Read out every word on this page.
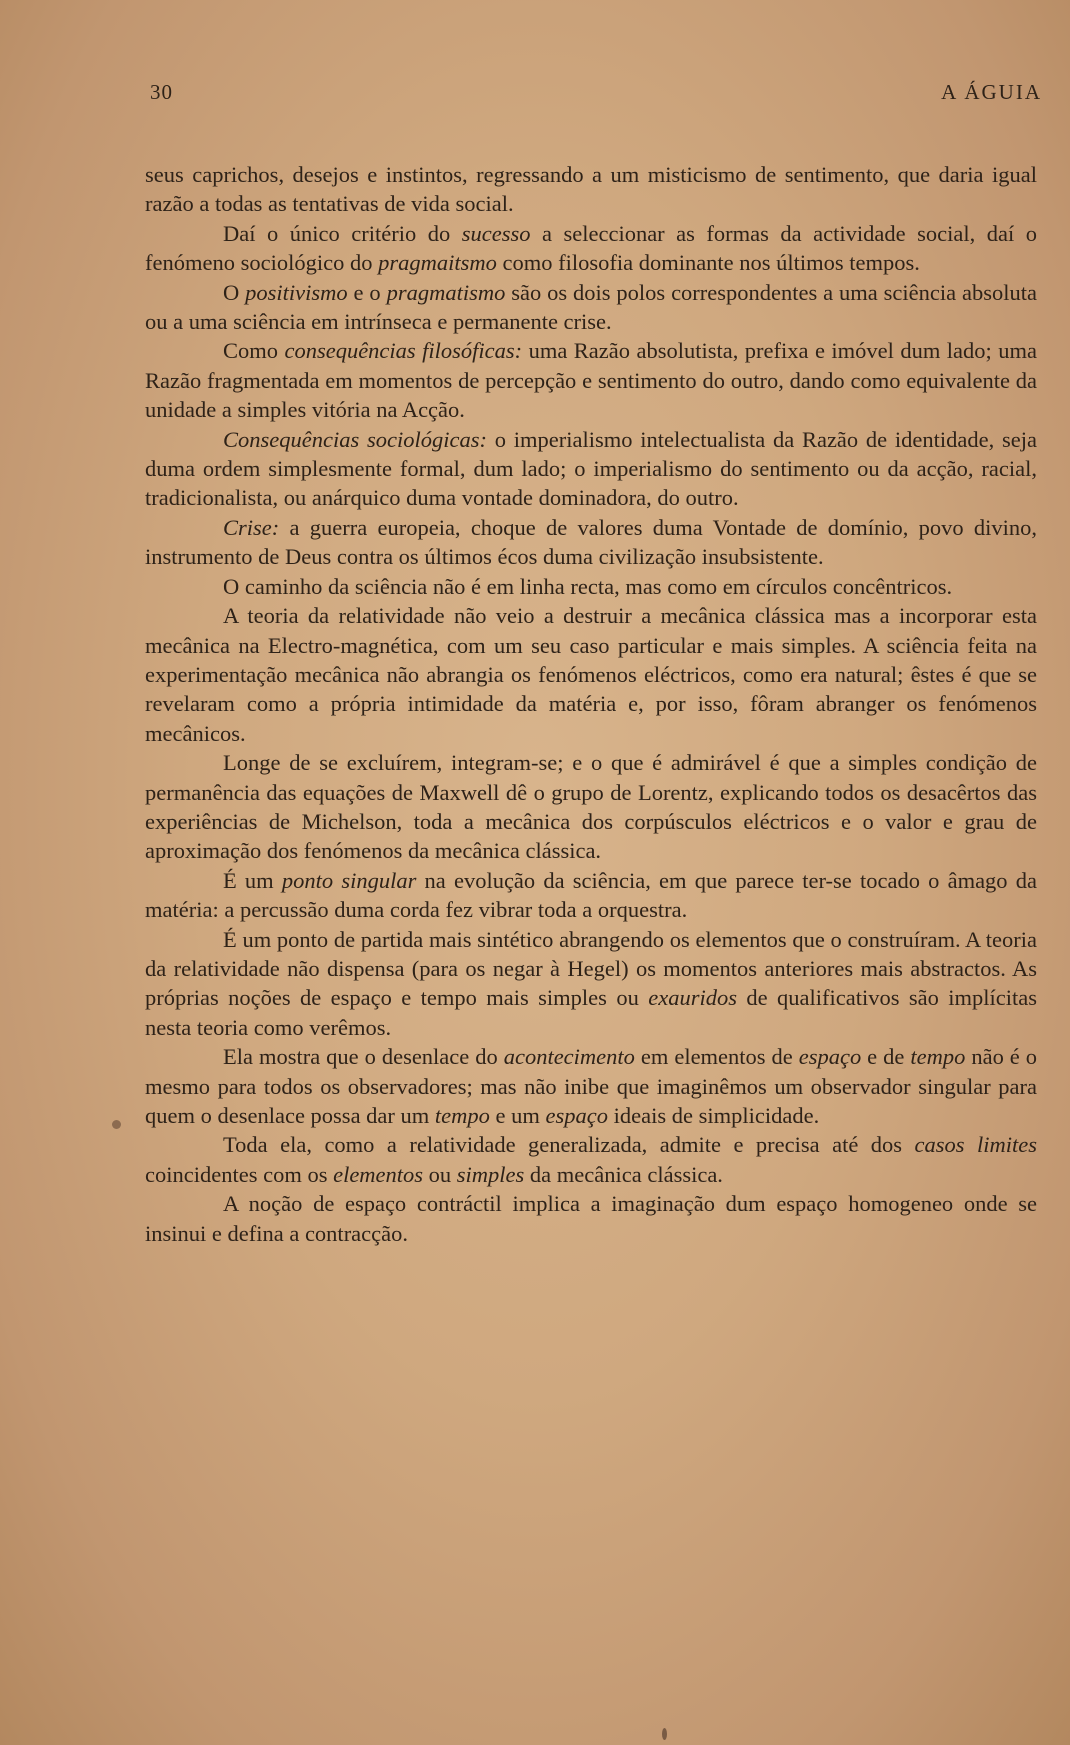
30	A ÁGUIA

seus caprichos, desejos e instintos, regressando a um misticismo de sentimento, que daria igual razão a todas as tentativas de vida social.

Daí o único critério do sucesso a seleccionar as formas da actividade social, daí o fenómeno sociológico do pragmaitsmo como filosofia dominante nos últimos tempos.

O positivismo e o pragmatismo são os dois polos correspondentes a uma sciência absoluta ou a uma sciência em intrínseca e permanente crise.

Como consequências filosóficas: uma Razão absolutista, prefixa e imóvel dum lado; uma Razão fragmentada em momentos de percepção e sentimento do outro, dando como equivalente da unidade a simples vitória na Acção.

Consequências sociológicas: o imperialismo intelectualista da Razão de identidade, seja duma ordem simplesmente formal, dum lado; o imperialismo do sentimento ou da acção, racial, tradicionalista, ou anárquico duma vontade dominadora, do outro.

Crise: a guerra europeia, choque de valores duma Vontade de domínio, povo divino, instrumento de Deus contra os últimos écos duma civilização insubsistente.

O caminho da sciência não é em linha recta, mas como em círculos concêntricos.

A teoria da relatividade não veio a destruir a mecânica clássica mas a incorporar esta mecânica na Electro-magnética, com um seu caso particular e mais simples. A sciência feita na experimentação mecânica não abrangia os fenómenos eléctricos, como era natural; êstes é que se revelaram como a própria intimidade da matéria e, por isso, fôram abranger os fenómenos mecânicos.

Longe de se excluírem, integram-se; e o que é admirável é que a simples condição de permanência das equações de Maxwell dê o grupo de Lorentz, explicando todos os desacêrtos das experiências de Michelson, toda a mecânica dos corpúsculos eléctricos e o valor e grau de aproximação dos fenómenos da mecânica clássica.

É um ponto singular na evolução da sciência, em que parece ter-se tocado o âmago da matéria: a percussão duma corda fez vibrar toda a orquestra.

É um ponto de partida mais sintético abrangendo os elementos que o construíram. A teoria da relatividade não dispensa (para os negar à Hegel) os momentos anteriores mais abstractos. As próprias noções de espaço e tempo mais simples ou exauridos de qualificativos são implícitas nesta teoria como verêmos.

Ela mostra que o desenlace do acontecimento em elementos de espaço e de tempo não é o mesmo para todos os observadores; mas não inibe que imaginêmos um observador singular para quem o desenlace possa dar um tempo e um espaço ideais de simplicidade.

Toda ela, como a relatividade generalizada, admite e precisa até dos casos limites coincidentes com os elementos ou simples da mecânica clássica.

A noção de espaço contráctil implica a imaginação dum espaço homogeneo onde se insinui e defina a contracção.
